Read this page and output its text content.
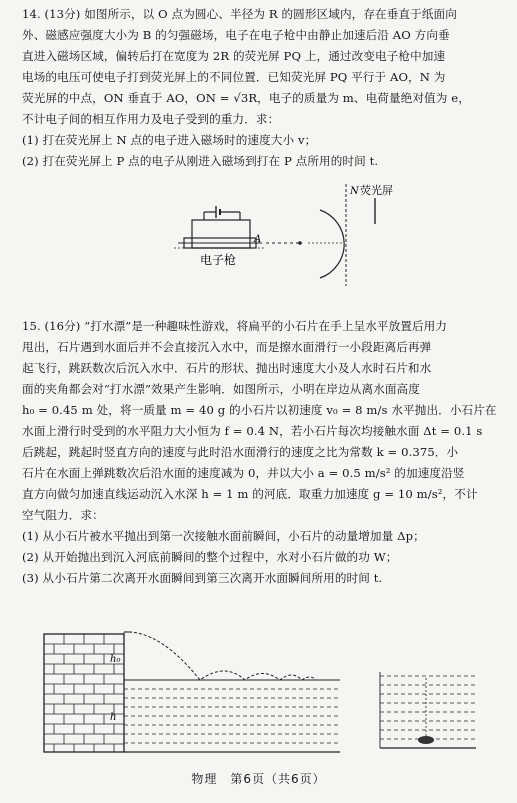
14. (13分) 如图所示，以 O 点为圆心、半径为 R 的圆形区域内，存在垂直于纸面向

外、磁感应强度大小为 B 的匀强磁场，电子在电子枪中由静止加速后沿 AO 方向垂

直进入磁场区域，偏转后打在宽度为 2R 的荧光屏 PQ 上，通过改变电子枪中加速

电场的电压可使电子打到荧光屏上的不同位置．已知荧光屏 PQ 平行于 AO，N 为

荧光屏的中点，ON 垂直于 AO，ON = √3R，电子的质量为 m、电荷量绝对值为 e，

不计电子间的相互作用力及电子受到的重力．求：

(1) 打在荧光屏上 N 点的电子进入磁场时的速度大小 v；

(2) 打在荧光屏上 P 点的电子从刚进入磁场到打在 P 点所用的时间 t.

电子枪
A
N 荧光屏

15. (16分) “打水漂”是一种趣味性游戏，将扁平的小石片在手上呈水平放置后用力

甩出，石片遇到水面后并不会直接沉入水中，而是擦水面滑行一小段距离后再弹

起飞行，跳跃数次后沉入水中．石片的形状、抛出时速度大小及人水时石片和水

面的夹角都会对“打水漂”效果产生影响．如图所示，小明在岸边从离水面高度

h₀ = 0.45 m 处，将一质量 m = 40 g 的小石片以初速度 v₀ = 8 m/s 水平抛出．小石片在

水面上滑行时受到的水平阻力大小恒为 f = 0.4 N，若小石片每次均接触水面 Δt = 0.1 s

后跳起，跳起时竖直方向的速度与此时沿水面滑行的速度之比为常数 k = 0.375．小

石片在水面上弹跳数次后沿水面的速度减为 0，并以大小 a = 0.5 m/s² 的加速度沿竖

直方向做匀加速直线运动沉入水深 h = 1 m 的河底．取重力加速度 g = 10 m/s²，不计

空气阻力．求：

(1) 从小石片被水平抛出到第一次接触水面前瞬间，小石片的动量增加量 Δp；

(2) 从开始抛出到沉入河底前瞬间的整个过程中，水对小石片做的功 W；

(3) 从小石片第二次离开水面瞬间到第三次离开水面瞬间所用的时间 t.

h₀
h
物理　第6页（共6页）
